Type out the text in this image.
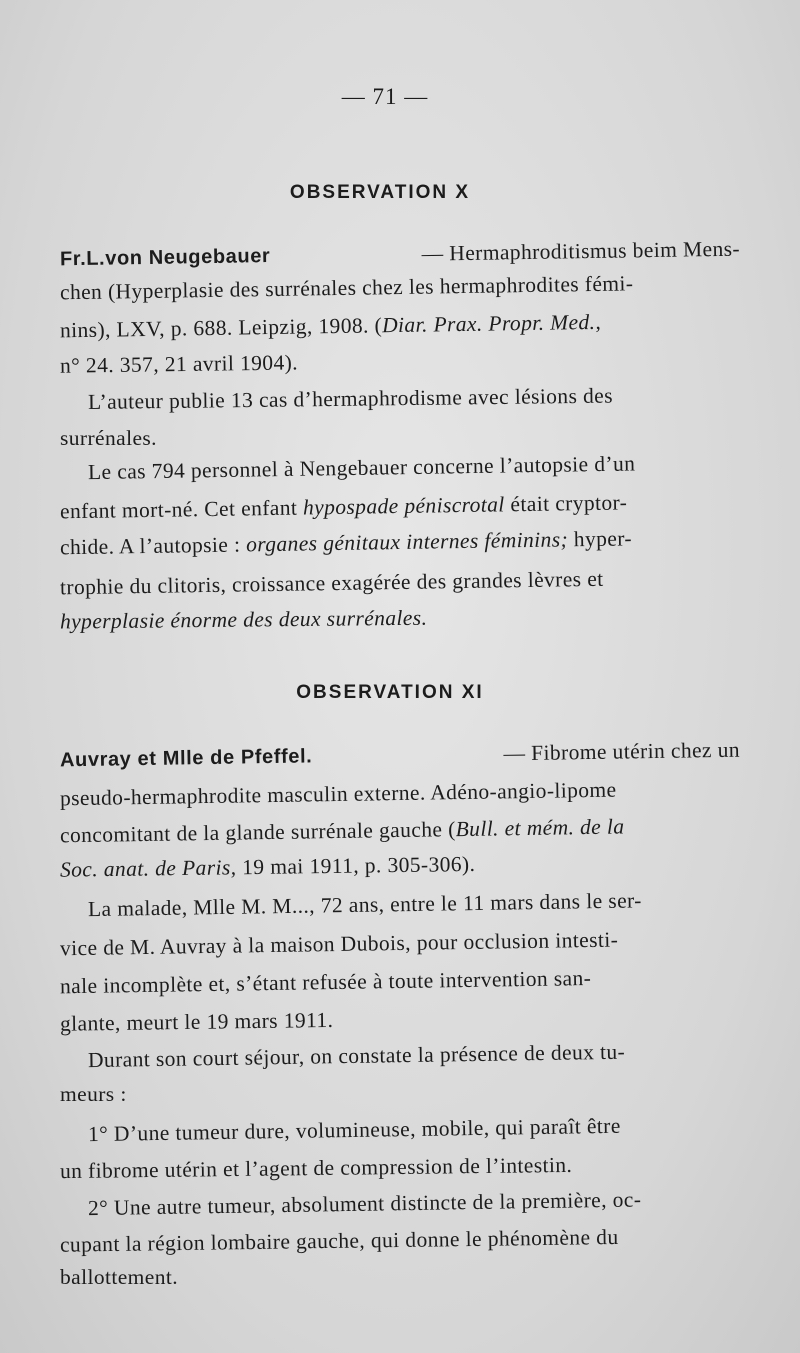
— 71 —
OBSERVATION X
Fr.L.von Neugebauer	— Hermaphroditismus beim Mens-
chen (Hyperplasie des surrénales chez les hermaphrodites fémi-
nins), LXV, p. 688. Leipzig, 1908. (Diar. Prax. Propr. Med.,
n° 24. 357, 21 avril 1904).
L’auteur publie 13 cas d’hermaphrodisme avec lésions des
surrénales.
Le cas 794 personnel à Nengebauer concerne l’autopsie d’un
enfant mort-né. Cet enfant hypospade péniscrotal était cryptor-
chide. A l’autopsie : organes génitaux internes féminins; hyper-
trophie du clitoris, croissance exagérée des grandes lèvres et
hyperplasie énorme des deux surrénales.
OBSERVATION XI
Auvray et Mlle de Pfeffel.	— Fibrome utérin chez un
pseudo-hermaphrodite masculin externe. Adéno-angio-lipome
concomitant de la glande surrénale gauche (Bull. et mém. de la
Soc. anat. de Paris, 19 mai 1911, p. 305-306).
La malade, Mlle M. M..., 72 ans, entre le 11 mars dans le ser-
vice de M. Auvray à la maison Dubois, pour occlusion intesti-
nale incomplète et, s’étant refusée à toute intervention san-
glante, meurt le 19 mars 1911.
Durant son court séjour, on constate la présence de deux tu-
meurs :
1° D’une tumeur dure, volumineuse, mobile, qui paraît être
un fibrome utérin et l’agent de compression de l’intestin.
2° Une autre tumeur, absolument distincte de la première, oc-
cupant la région lombaire gauche, qui donne le phénomène du
ballottement.
